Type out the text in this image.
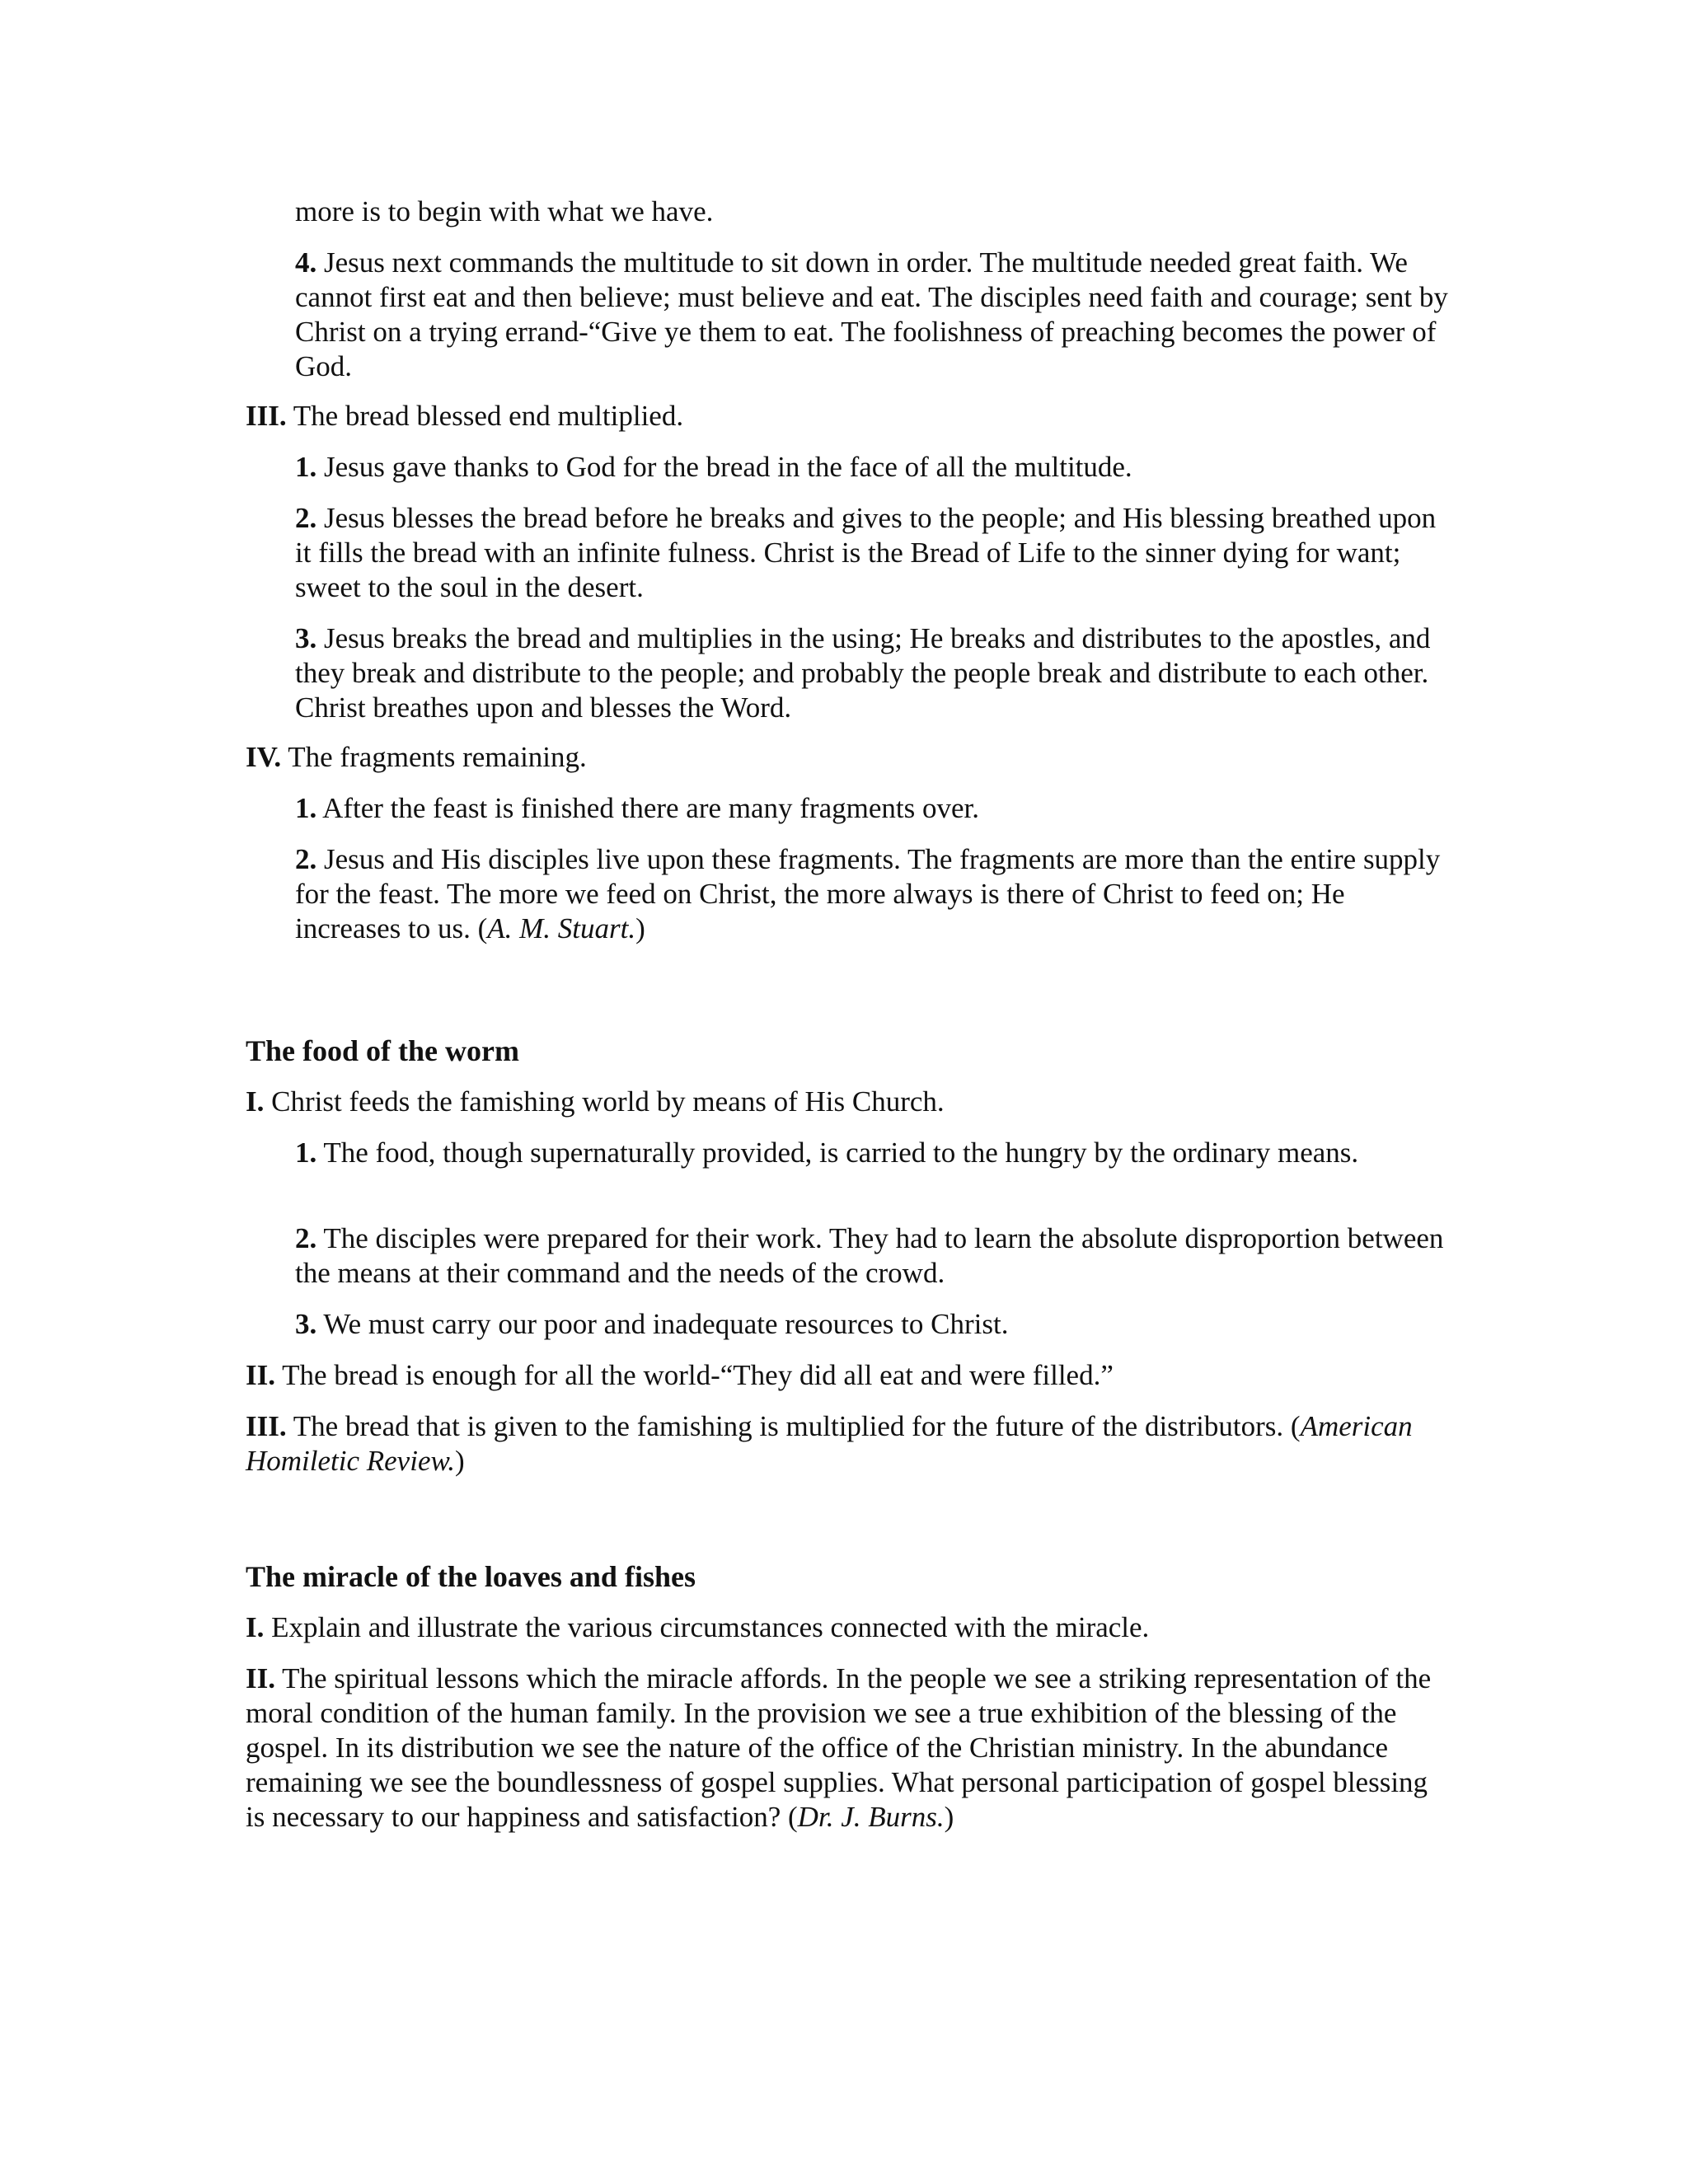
more is to begin with what we have.

4. Jesus next commands the multitude to sit down in order. The multitude needed great faith. We cannot first eat and then believe; must believe and eat. The disciples need faith and courage; sent by Christ on a trying errand-“Give ye them to eat. The foolishness of preaching becomes the power of God.

III. The bread blessed end multiplied.

1. Jesus gave thanks to God for the bread in the face of all the multitude.

2. Jesus blesses the bread before he breaks and gives to the people; and His blessing breathed upon it fills the bread with an infinite fulness. Christ is the Bread of Life to the sinner dying for want; sweet to the soul in the desert.

3. Jesus breaks the bread and multiplies in the using; He breaks and distributes to the apostles, and they break and distribute to the people; and probably the people break and distribute to each other. Christ breathes upon and blesses the Word.

IV. The fragments remaining.

1. After the feast is finished there are many fragments over.

2. Jesus and His disciples live upon these fragments. The fragments are more than the entire supply for the feast. The more we feed on Christ, the more always is there of Christ to feed on; He increases to us. (A. M. Stuart.)

The food of the worm

I. Christ feeds the famishing world by means of His Church.

1. The food, though supernaturally provided, is carried to the hungry by the ordinary means.

2. The disciples were prepared for their work. They had to learn the absolute disproportion between the means at their command and the needs of the crowd.

3. We must carry our poor and inadequate resources to Christ.

II. The bread is enough for all the world-“They did all eat and were filled.”

III. The bread that is given to the famishing is multiplied for the future of the distributors. (American Homiletic Review.)

The miracle of the loaves and fishes

I. Explain and illustrate the various circumstances connected with the miracle.

II. The spiritual lessons which the miracle affords. In the people we see a striking representation of the moral condition of the human family. In the provision we see a true exhibition of the blessing of the gospel. In its distribution we see the nature of the office of the Christian ministry. In the abundance remaining we see the boundlessness of gospel supplies. What personal participation of gospel blessing is necessary to our happiness and satisfaction? (Dr. J. Burns.)
